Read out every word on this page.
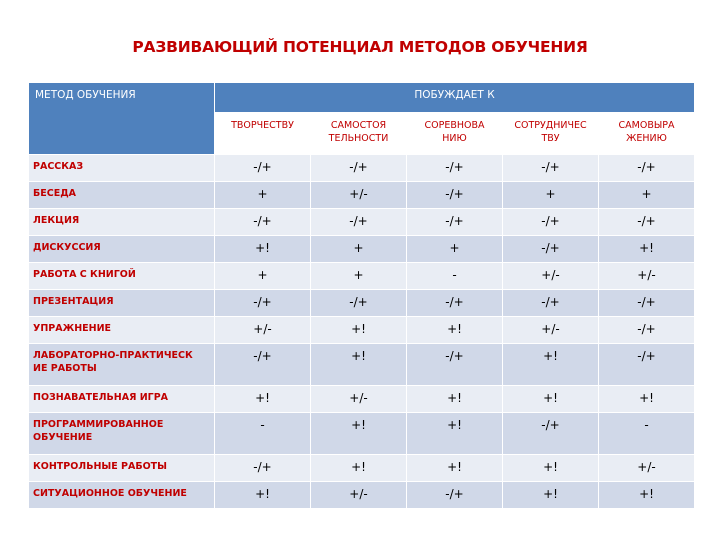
РАЗВИВАЮЩИЙ ПОТЕНЦИАЛ МЕТОДОВ ОБУЧЕНИЯ
МЕТОД ОБУЧЕНИЯ	ПОБУЖДАЕТ К				
	ТВОРЧЕСТВУ	САМОСТОЯ ТЕЛЬНОСТИ	СОРЕВНОВА НИЮ	СОТРУДНИЧЕС ТВУ	САМОВЫРА ЖЕНИЮ
РАССКАЗ	-/+	-/+	-/+	-/+	-/+
БЕСЕДА	+	+/-	-/+	+	+
ЛЕКЦИЯ	-/+	-/+	-/+	-/+	-/+
ДИСКУССИЯ	+!	+	+	-/+	+!
РАБОТА С КНИГОЙ	+	+	-	+/-	+/-
ПРЕЗЕНТАЦИЯ	-/+	-/+	-/+	-/+	-/+
УПРАЖНЕНИЕ	+/-	+!	+!	+/-	-/+
ЛАБОРАТОРНО-ПРАКТИЧЕСК ИЕ РАБОТЫ	-/+	+!	-/+	+!	-/+
ПОЗНАВАТЕЛЬНАЯ ИГРА	+!	+/-	+!	+!	+!
ПРОГРАММИРОВАННОЕ ОБУЧЕНИЕ	-	+!	+!	-/+	-
КОНТРОЛЬНЫЕ РАБОТЫ	-/+	+!	+!	+!	+/-
СИТУАЦИОННОЕ ОБУЧЕНИЕ	+!	+/-	-/+	+!	+!
